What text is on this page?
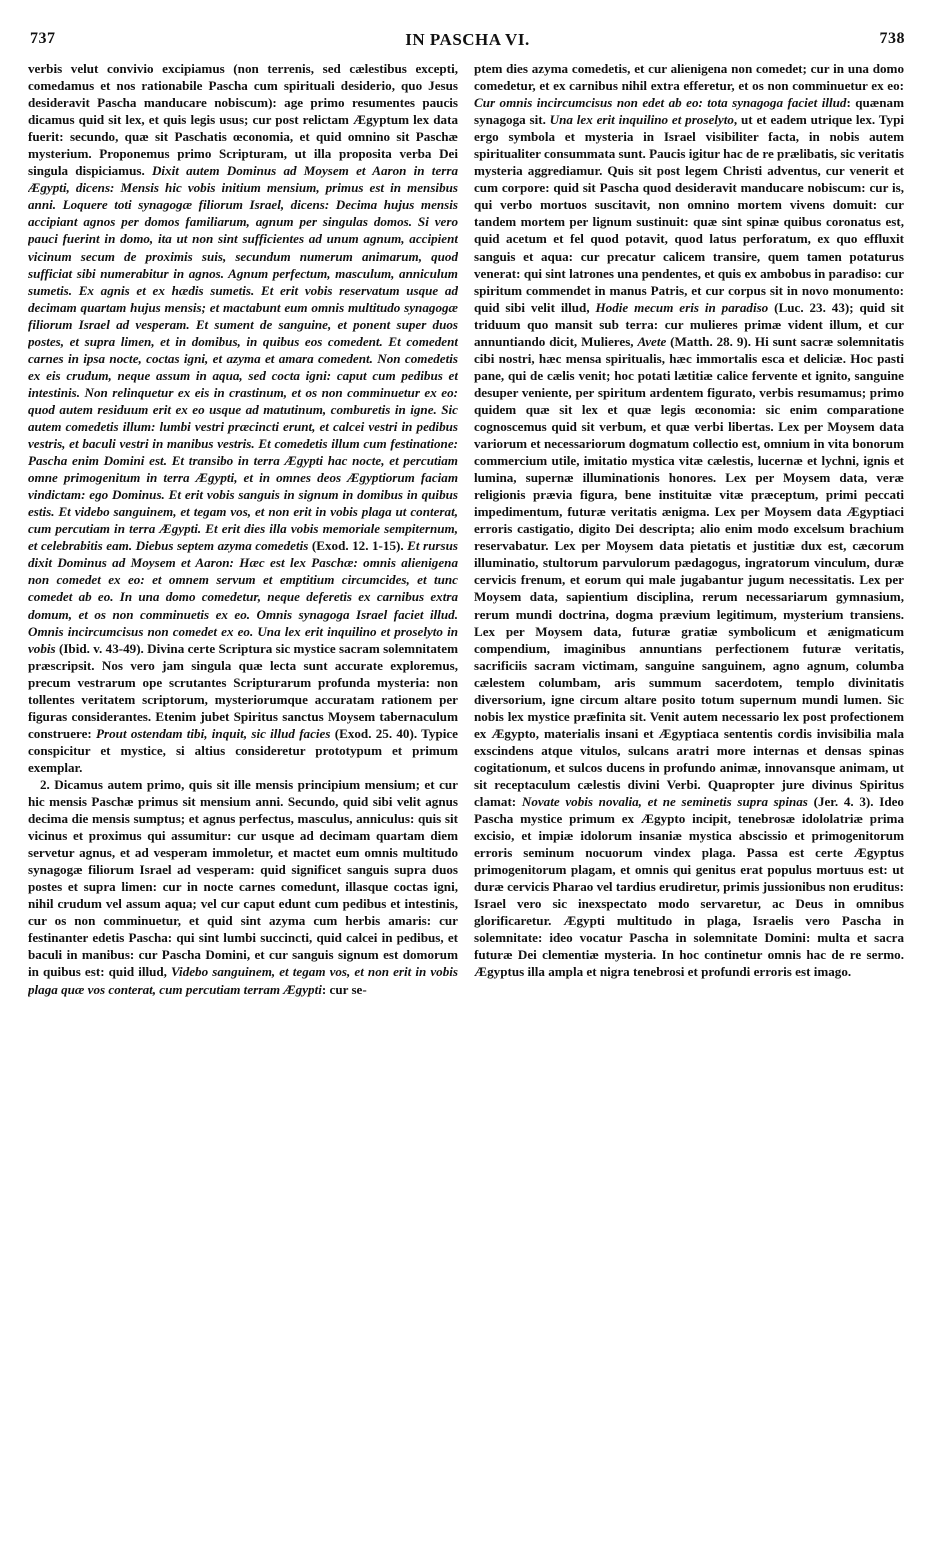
737	IN PASCHA VI.	738

verbis velut convivio excipiamus (non terrenis, sed cælestibus excepti, comedamus et nos rationabile Pascha cum spirituali desiderio, quo Jesus desideravit Pascha manducare nobiscum): age primo resumentes paucis dicamus quid sit lex, et quis legis usus; cur post relictam Ægyptum lex data fuerit: secundo, quæ sit Paschatis œconomia, et quid omnino sit Paschæ mysterium. Proponemus primo Scripturam, ut illa proposita verba Dei singula dispiciamus. Dixit autem Dominus ad Moysem et Aaron in terra Ægypti, dicens: Mensis hic vobis initium mensium, primus est in mensibus anni. Loquere toti synagogæ filiorum Israel, dicens: Decima hujus mensis accipiant agnos per domos familiarum, agnum per singulas domos. Si vero pauci fuerint in domo, ita ut non sint sufficientes ad unum agnum, accipient vicinum secum de proximis suis, secundum numerum animarum, quod sufficiat sibi numerabitur in agnos. Agnum perfectum, masculum, anniculum sumetis. Ex agnis et ex hædis sumetis. Et erit vobis reservatum usque ad decimam quartam hujus mensis; et mactabunt eum omnis multitudo synagogæ filiorum Israel ad vesperam. Et sument de sanguine, et ponent super duos postes, et supra limen, et in domibus, in quibus eos comedent. Et comedent carnes in ipsa nocte, coctas igni, et azyma et amara comedent. Non comedetis ex eis crudum, neque assum in aqua, sed cocta igni: caput cum pedibus et intestinis. Non relinquetur ex eis in crastinum, et os non comminuetur ex eo: quod autem residuum erit ex eo usque ad matutinum, comburetis in igne. Sic autem comedetis illum: lumbi vestri præcincti erunt, et calcei vestri in pedibus vestris, et baculi vestri in manibus vestris. Et comedetis illum cum festinatione: Pascha enim Domini est. Et transibo in terra Ægypti hac nocte, et percutiam omne primogenitum in terra Ægypti, et in omnes deos Ægyptiorum faciam vindictam: ego Dominus. Et erit vobis sanguis in signum in domibus in quibus estis. Et videbo sanguinem, et tegam vos, et non erit in vobis plaga ut conterat, cum percutiam in terra Ægypti. Et erit dies illa vobis memoriale sempiternum, et celebrabitis eam. Diebus septem azyma comedetis (Exod. 12. 1-15). Et rursus dixit Dominus ad Moysem et Aaron: Hæc est lex Paschæ: omnis alienigena non comedet ex eo: et omnem servum et emptitium circumcides, et tunc comedet ab eo. In una domo comedetur, neque deferetis ex carnibus extra domum, et os non comminuetis ex eo. Omnis synagoga Israel faciet illud. Omnis incircumcisus non comedet ex eo. Una lex erit inquilino et proselyto in vobis (Ibid. v. 43-49). Divina certe Scriptura sic mystice sacram solemnitatem præscripsit. Nos vero jam singula quæ lecta sunt accurate exploremus, precum vestrarum ope scrutantes Scripturarum profunda mysteria: non tollentes veritatem scriptorum, mysteriorumque accuratam rationem per figuras considerantes. Etenim jubet Spiritus sanctus Moysem tabernaculum construere: Prout ostendam tibi, inquit, sic illud facies (Exod. 25. 40). Typice conspicitur et mystice, si altius consideretur prototypum et primum exemplar.

2. Dicamus autem primo, quis sit ille mensis principium mensium; et cur hic mensis Paschæ primus sit mensium anni. Secundo, quid sibi velit agnus decima die mensis sumptus; et agnus perfectus, masculus, anniculus: quis sit vicinus et proximus qui assumitur: cur usque ad decimam quartam diem servetur agnus, et ad vesperam immoletur, et mactet eum omnis multitudo synagogæ filiorum Israel ad vesperam: quid significet sanguis supra duos postes et supra limen: cur in nocte carnes comedunt, illasque coctas igni, nihil crudum vel assum aqua; vel cur caput edunt cum pedibus et intestinis, cur os non comminuetur, et quid sint azyma cum herbis amaris: cur festinanter edetis Pascha: qui sint lumbi succincti, quid calcei in pedibus, et baculi in manibus: cur Pascha Domini, et cur sanguis signum est domorum in quibus est: quid illud, Videbo sanguinem, et tegam vos, et non erit in vobis plaga quæ vos conterat, cum percutiam terram Ægypti: cur se-

ptem dies azyma comedetis, et cur alienigena non comedet; cur in una domo comedetur, et ex carnibus nihil extra efferetur, et os non comminuetur ex eo: Cur omnis incircumcisus non edet ab eo: tota synagoga faciet illud: quænam synagoga sit. Una lex erit inquilino et proselyto, ut et eadem utrique lex. Typi ergo symbola et mysteria in Israel visibiliter facta, in nobis autem spiritualiter consummata sunt. Paucis igitur hac de re prælibatis, sic veritatis mysteria aggrediamur. Quis sit post legem Christi adventus, cur venerit et cum corpore: quid sit Pascha quod desideravit manducare nobiscum: cur is, qui verbo mortuos suscitavit, non omnino mortem vivens domuit: cur tandem mortem per lignum sustinuit: quæ sint spinæ quibus coronatus est, quid acetum et fel quod potavit, quod latus perforatum, ex quo effluxit sanguis et aqua: cur precatur calicem transire, quem tamen potaturus venerat: qui sint latrones una pendentes, et quis ex ambobus in paradiso: cur spiritum commendet in manus Patris, et cur corpus sit in novo monumento: quid sibi velit illud, Hodie mecum eris in paradiso (Luc. 23. 43); quid sit triduum quo mansit sub terra: cur mulieres primæ vident illum, et cur annuntiando dicit, Mulieres, Avete (Matth. 28. 9). Hi sunt sacræ solemnitatis cibi nostri, hæc mensa spiritualis, hæc immortalis esca et deliciæ. Hoc pasti pane, qui de cælis venit; hoc potati lætitiæ calice fervente et ignito, sanguine desuper veniente, per spiritum ardentem figurato, verbis resumamus; primo quidem quæ sit lex et quæ legis œconomia: sic enim comparatione cognoscemus quid sit verbum, et quæ verbi libertas. Lex per Moysem data variorum et necessariorum dogmatum collectio est, omnium in vita bonorum commercium utile, imitatio mystica vitæ cælestis, lucernæ et lychni, ignis et lumina, supernæ illuminationis honores. Lex per Moysem data, veræ religionis prævia figura, bene instituitæ vitæ præceptum, primi peccati impedimentum, futuræ veritatis ænigma. Lex per Moysem data Ægyptiaci erroris castigatio, digito Dei descripta; alio enim modo excelsum brachium reservabatur. Lex per Moysem data pietatis et justitiæ dux est, cæcorum illuminatio, stultorum parvulorum pædagogus, ingratorum vinculum, duræ cervicis frenum, et eorum qui male jugabantur jugum necessitatis. Lex per Moysem data, sapientium disciplina, rerum necessariarum gymnasium, rerum mundi doctrina, dogma prævium legitimum, mysterium transiens. Lex per Moysem data, futuræ gratiæ symbolicum et ænigmaticum compendium, imaginibus annuntians perfectionem futuræ veritatis, sacrificiis sacram victimam, sanguine sanguinem, agno agnum, columba cælestem columbam, aris summum sacerdotem, templo divinitatis diversorium, igne circum altare posito totum supernum mundi lumen. Sic nobis lex mystice præfinita sit. Venit autem necessario lex post profectionem ex Ægypto, materialis insani et Ægyptiaca sententis cordis invisibilia mala exscindens atque vitulos, sulcans aratri more internas et densas spinas cogitationum, et sulcos ducens in profundo animæ, innovansque animam, ut sit receptaculum cælestis divini Verbi. Quapropter jure divinus Spiritus clamat: Novate vobis novalia, et ne seminetis supra spinas (Jer. 4. 3). Ideo Pascha mystice primum ex Ægypto incipit, tenebrosæ idololatriæ prima excisio, et impiæ idolorum insaniæ mystica abscissio et primogenitorum erroris seminum nocuorum vindex plaga. Passa est certe Ægyptus primogenitorum plagam, et omnis qui genitus erat populus mortuus est: ut duræ cervicis Pharao vel tardius erudiretur, primis jussionibus non eruditus: Israel vero sic inexspectato modo servaretur, ac Deus in omnibus glorificaretur. Ægypti multitudo in plaga, Israelis vero Pascha in solemnitate: ideo vocatur Pascha in solemnitate Domini: multa et sacra futuræ Dei clementiæ mysteria. In hoc continetur omnis hac de re sermo. Ægyptus illa ampla et nigra tenebrosi et profundi erroris est imago.
